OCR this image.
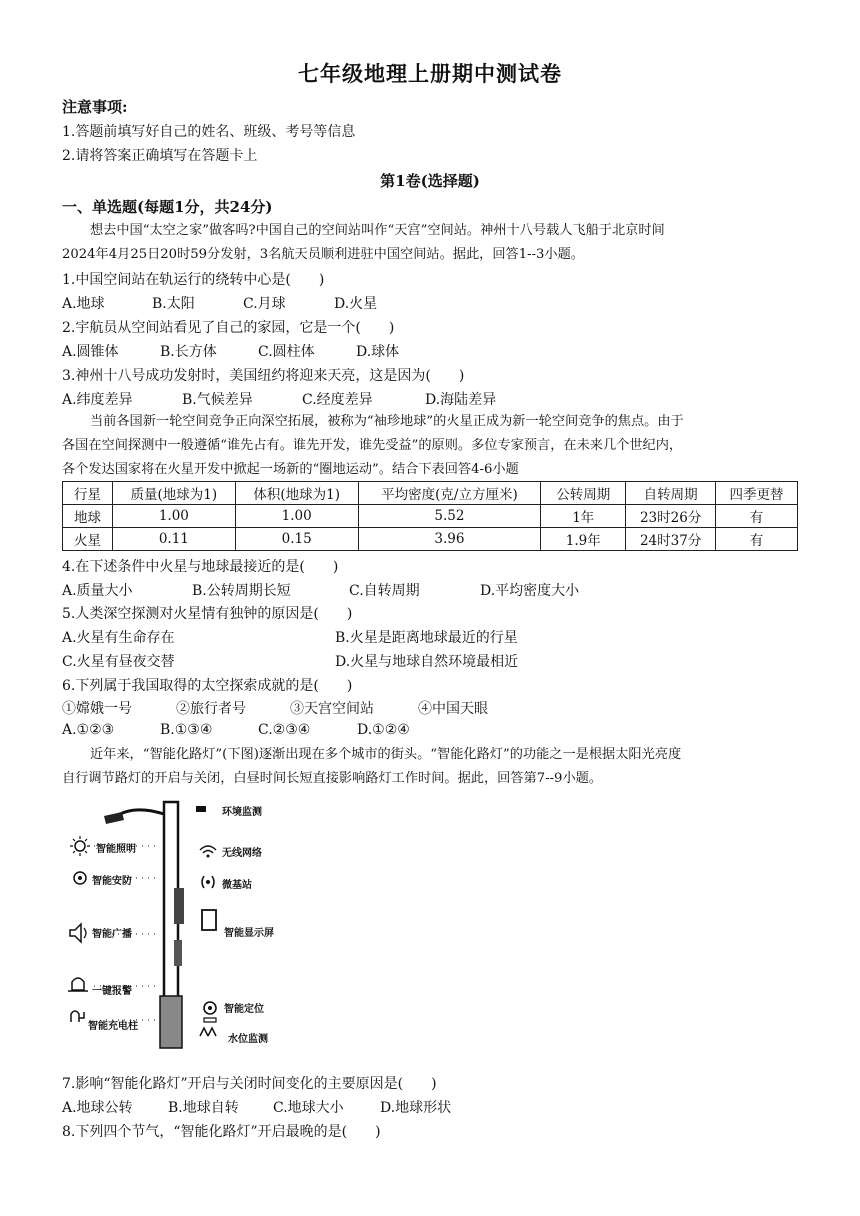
七年级地理上册期中测试卷
注意事项:
1.答题前填写好自己的姓名、班级、考号等信息
2.请将答案正确填写在答题卡上
第1卷(选择题)
一、单选题(每题1分，共24分)
想去中国“太空之家”做客吗?中国自己的空间站叫作“天宫”空间站。神州十八号载人飞船于北京时间
2024年4月25日20时59分发射，3名航天员顺利进驻中国空间站。据此，回答1--3小题。
1.中国空间站在轨运行的绕转中心是(　　)
A.地球	B.太阳	C.月球	D.火星
2.宇航员从空间站看见了自己的家园，它是一个(　　)
A.圆锥体	B.长方体	C.圆柱体	D.球体
3.神州十八号成功发射时，美国纽约将迎来天亮，这是因为(　　)
A.纬度差异	B.气候差异	C.经度差异	D.海陆差异
当前各国新一轮空间竞争正向深空拓展，被称为“袖珍地球”的火星正成为新一轮空间竞争的焦点。由于
各国在空间探测中一般遵循“谁先占有。谁先开发，谁先受益”的原则。多位专家预言，在未来几个世纪内，
各个发达国家将在火星开发中掀起一场新的“圈地运动”。结合下表回答4-6小题
行星	质量(地球为1)	体积(地球为1)	平均密度(克/立方厘米)	公转周期	自转周期	四季更替
地球	1.00	1.00	5.52	1年	23时26分	有
火星	0.11	0.15	3.96	1.9年	24时37分	有
4.在下述条件中火星与地球最接近的是(　　)
A.质量大小	B.公转周期长短	C.自转周期	D.平均密度大小
5.人类深空探测对火星情有独钟的原因是(　　)
A.火星有生命存在	B.火星是距离地球最近的行星
C.火星有昼夜交替	D.火星与地球自然环境最相近
6.下列属于我国取得的太空探索成就的是(　　)
①嫦娥一号	②旅行者号	③天宫空间站	④中国天眼
A.①②③	B.①③④	C.②③④	D.①②④
近年来，“智能化路灯”(下图)逐渐出现在多个城市的街头。“智能化路灯”的功能之一是根据太阳光亮度
自行调节路灯的开启与关闭，白昼时间长短直接影响路灯工作时间。据此，回答第7--9小题。
智能照明
智能安防
智能广播
一键报警
智能充电柱
环境监测
无线网络
微基站
智能显示屏
智能定位
水位监测
7.影响“智能化路灯”开启与关闭时间变化的主要原因是(　　)
A.地球公转	B.地球自转 C.地球大小	D.地球形状
8.下列四个节气，“智能化路灯”开启最晚的是(　　)
